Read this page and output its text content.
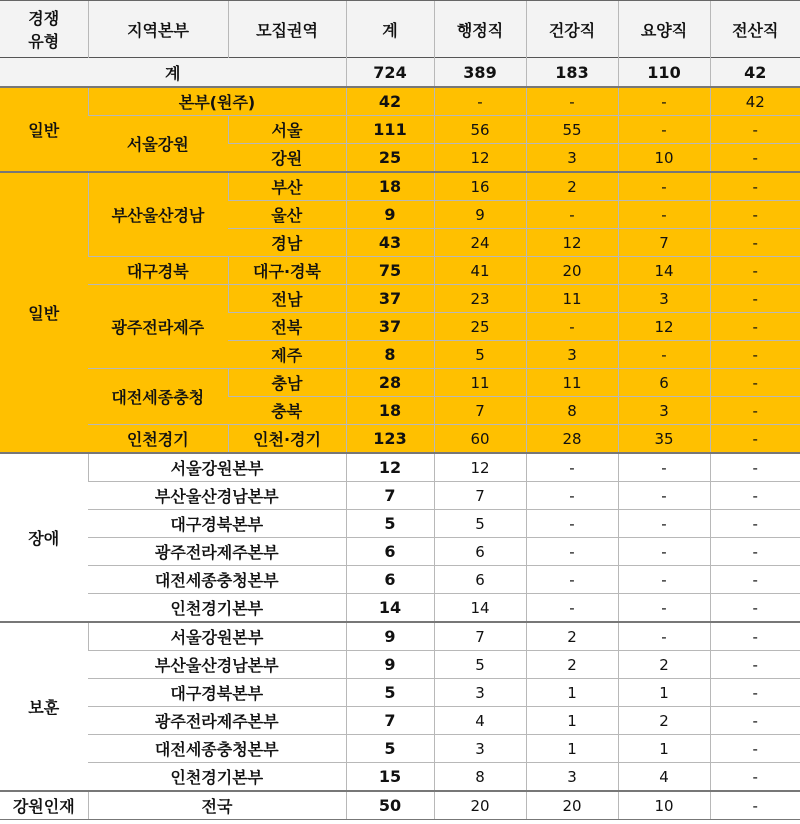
경쟁
유형	지역본부	모집권역	계	행정직	건강직	요양직	전산직
계			724	389	183	110	42
일반	본부(원주)		42	-	-	-	42
	서울강원	서울	111	56	55	-	-
		강원	25	12	3	10	-
일반	부산울산경남	부산	18	16	2	-	-
		울산	9	9	-	-	-
		경남	43	24	12	7	-
	대구경북	대구·경북	75	41	20	14	-
	광주전라제주	전남	37	23	11	3	-
		전북	37	25	-	12	-
		제주	8	5	3	-	-
	대전세종충청	충남	28	11	11	6	-
		충북	18	7	8	3	-
	인천경기	인천·경기	123	60	28	35	-
장애	서울강원본부		12	12	-	-	-
	부산울산경남본부		7	7	-	-	-
	대구경북본부		5	5	-	-	-
	광주전라제주본부		6	6	-	-	-
	대전세종충청본부		6	6	-	-	-
	인천경기본부		14	14	-	-	-
보훈	서울강원본부		9	7	2	-	-
	부산울산경남본부		9	5	2	2	-
	대구경북본부		5	3	1	1	-
	광주전라제주본부		7	4	1	2	-
	대전세종충청본부		5	3	1	1	-
	인천경기본부		15	8	3	4	-
강원인재	전국		50	20	20	10	-
